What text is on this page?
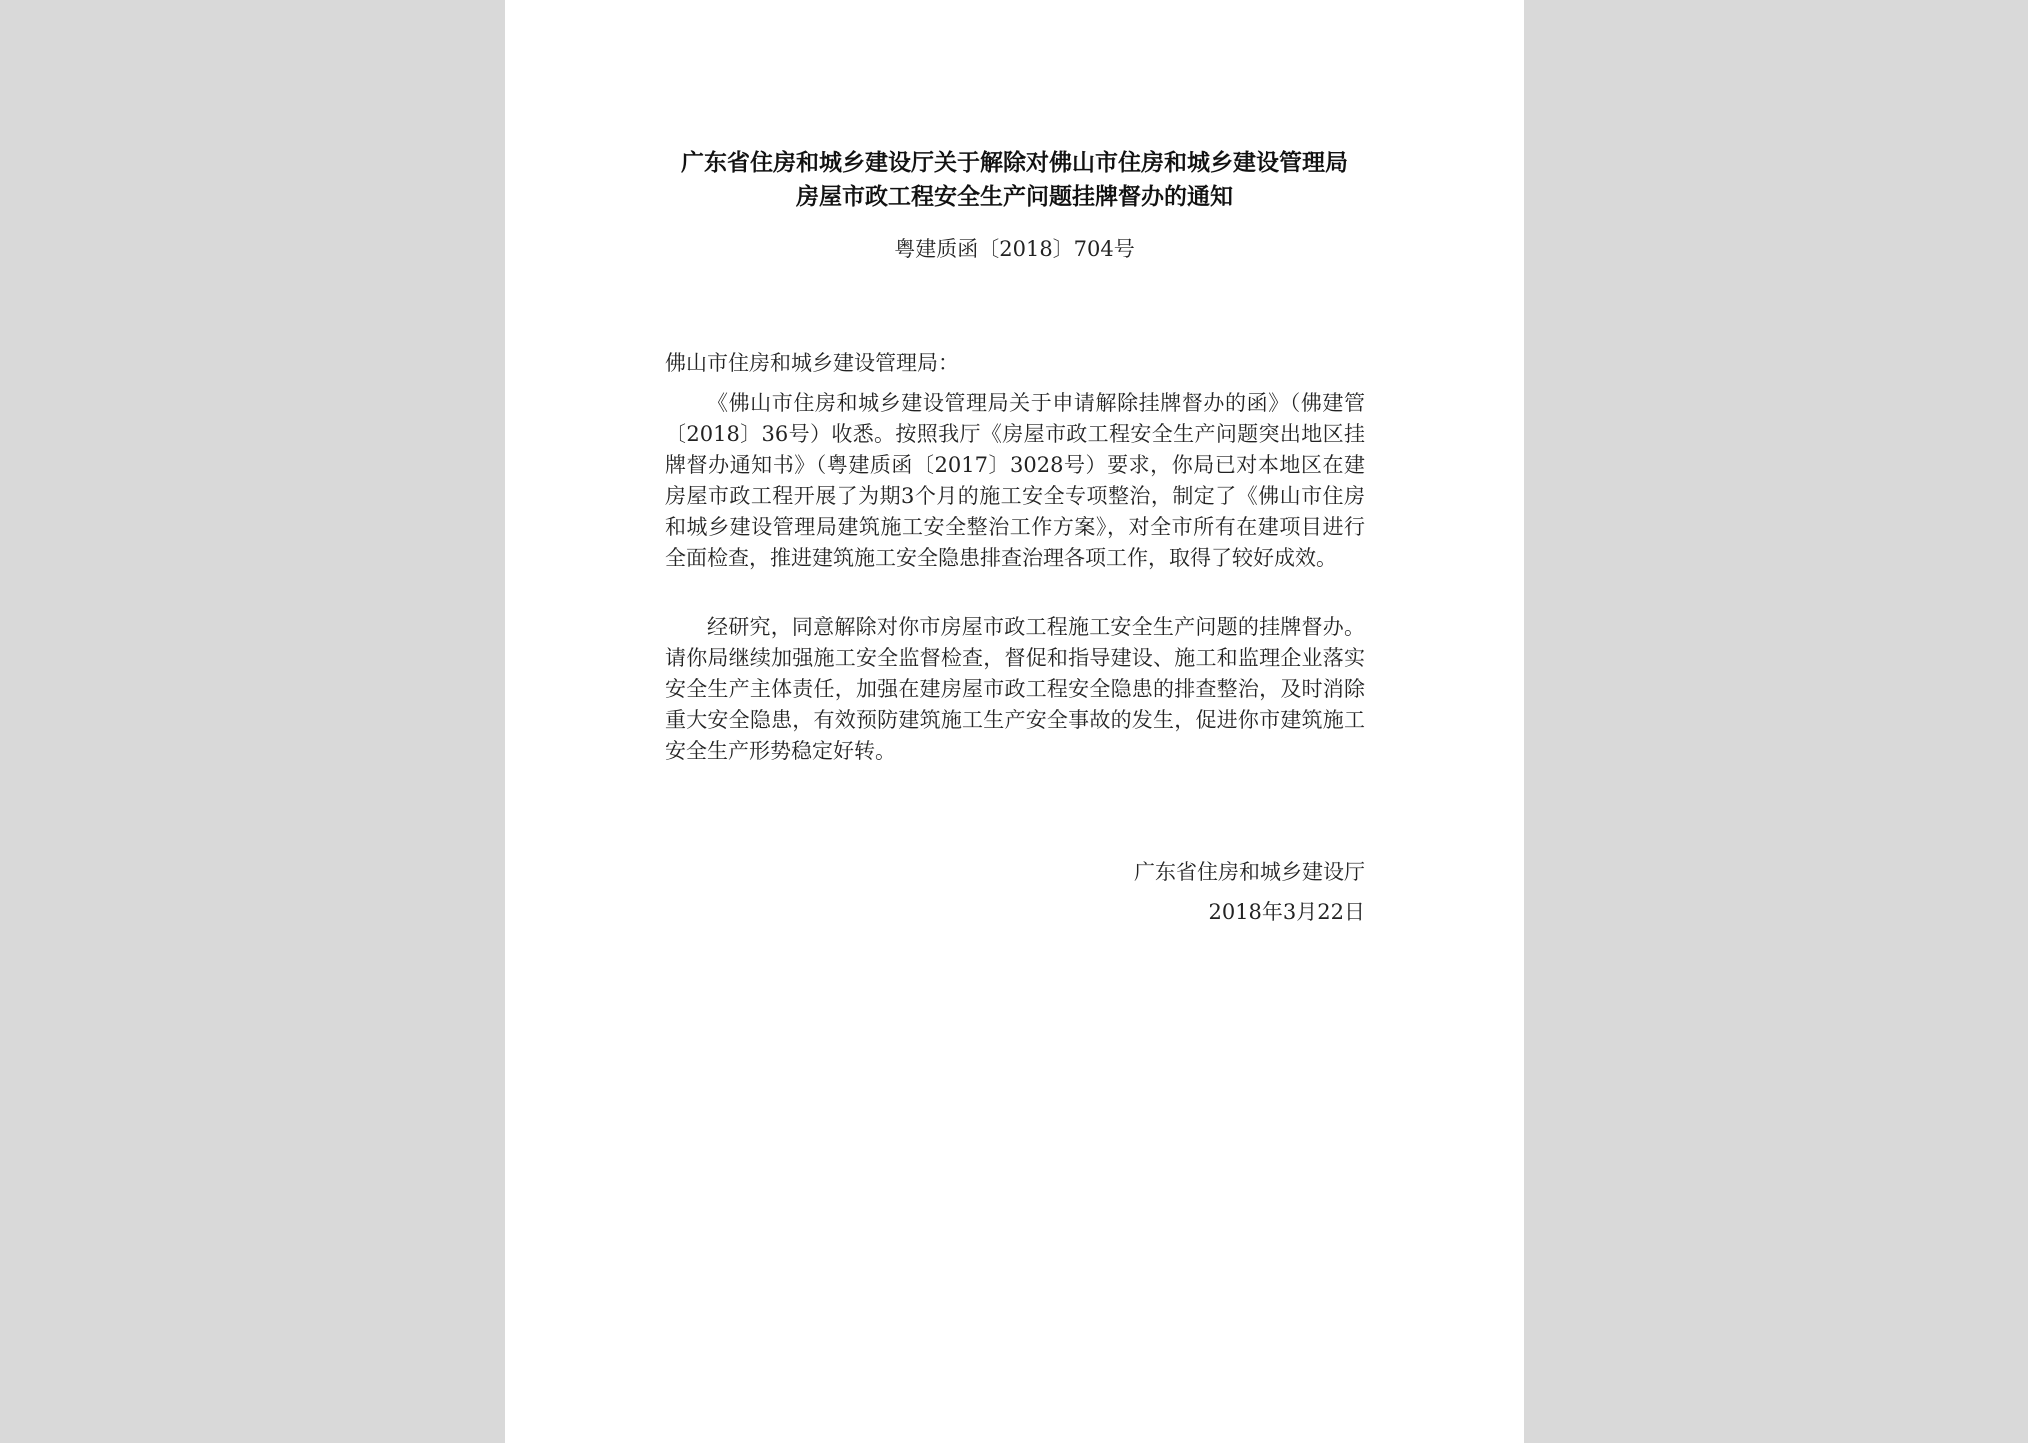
广东省住房和城乡建设厅关于解除对佛山市住房和城乡建设管理局
房屋市政工程安全生产问题挂牌督办的通知
粤建质函〔2018〕704号
佛山市住房和城乡建设管理局：
《佛山市住房和城乡建设管理局关于申请解除挂牌督办的函》（佛建管〔2018〕36号）收悉。按照我厅《房屋市政工程安全生产问题突出地区挂牌督办通知书》（粤建质函〔2017〕3028号）要求，你局已对本地区在建房屋市政工程开展了为期3个月的施工安全专项整治，制定了《佛山市住房和城乡建设管理局建筑施工安全整治工作方案》，对全市所有在建项目进行全面检查，推进建筑施工安全隐患排查治理各项工作，取得了较好成效。
经研究，同意解除对你市房屋市政工程施工安全生产问题的挂牌督办。请你局继续加强施工安全监督检查，督促和指导建设、施工和监理企业落实安全生产主体责任，加强在建房屋市政工程安全隐患的排查整治，及时消除重大安全隐患，有效预防建筑施工生产安全事故的发生，促进你市建筑施工安全生产形势稳定好转。
广东省住房和城乡建设厅
2018年3月22日
